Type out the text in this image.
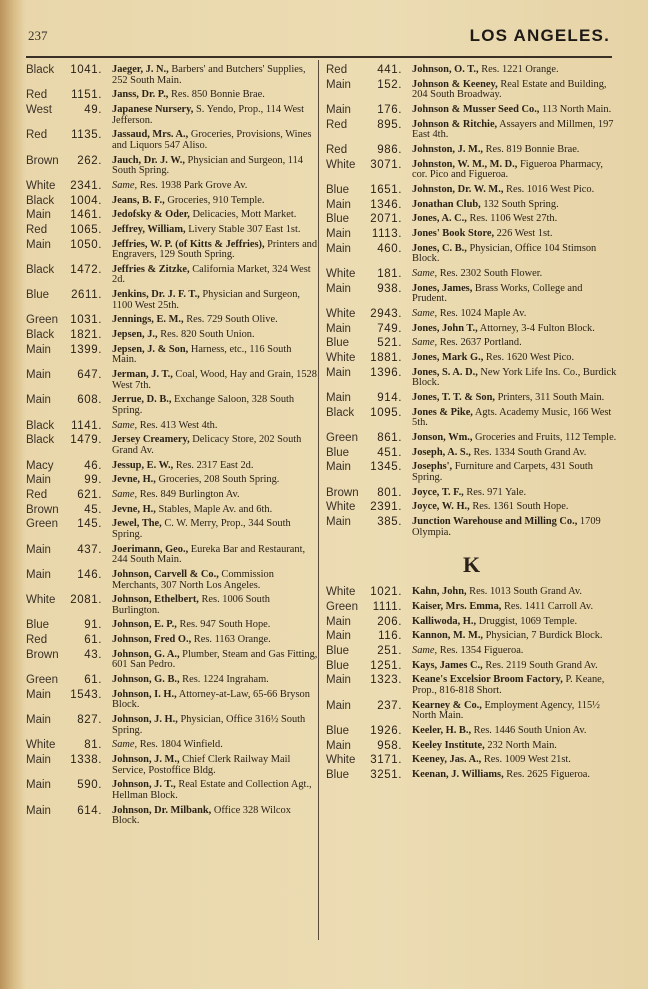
237	LOS ANGELES.
Black	1041. Jaeger, J. N., Barbers' and Butchers' Supplies, 252 South Main.
Red	1151. Janss, Dr. P., Res. 850 Bonnie Brae.
West	49. Japanese Nursery, S. Yendo, Prop., 114 West Jefferson.
Red	1135. Jassaud, Mrs. A., Groceries, Provisions, Wines and Liquors 547 Aliso.
Brown	262. Jauch, Dr. J. W., Physician and Surgeon, 114 South Spring.
White	2341. Same, Res. 1938 Park Grove Av.
Black	1004. Jeans, B. F., Groceries, 910 Temple.
Main	1461. Jedofsky & Oder, Delicacies, Mott Market.
Red	1065. Jeffrey, William, Livery Stable 307 East 1st.
Main	1050. Jeffries, W. P. (of Kitts & Jeffries), Printers and Engravers, 129 South Spring.
Black	1472. Jeffries & Zitzke, California Market, 324 West 2d.
Blue	2611. Jenkins, Dr. J. F. T., Physician and Surgeon, 1100 West 25th.
Green	1031. Jennings, E. M., Res. 729 South Olive.
Black	1821. Jepsen, J., Res. 820 South Union.
Main	1399. Jepsen, J. & Son, Harness, etc., 116 South Main.
Main	647. Jerman, J. T., Coal, Wood, Hay and Grain, 1528 West 7th.
Main	608. Jerrue, D. B., Exchange Saloon, 328 South Spring.
Black	1141. Same, Res. 413 West 4th.
Black	1479. Jersey Creamery, Delicacy Store, 202 South Grand Av.
Macy	46. Jessup, E. W., Res. 2317 East 2d.
Main	99. Jevne, H., Groceries, 208 South Spring.
Red	621. Same, Res. 849 Burlington Av.
Brown	45. Jevne, H., Stables, Maple Av. and 6th.
Green	145. Jewel, The, C. W. Merry, Prop., 344 South Spring.
Main	437. Joerimann, Geo., Eureka Bar and Restaurant, 244 South Main.
Main	146. Johnson, Carvell & Co., Commission Merchants, 307 North Los Angeles.
White	2081. Johnson, Ethelbert, Res. 1006 South Burlington.
Blue	91. Johnson, E. P., Res. 947 South Hope.
Red	61. Johnson, Fred O., Res. 1163 Orange.
Brown	43. Johnson, G. A., Plumber, Steam and Gas Fitting, 601 San Pedro.
Green	61. Johnson, G. B., Res. 1224 Ingraham.
Main	1543. Johnson, I. H., Attorney-at-Law, 65-66 Bryson Block.
Main	827. Johnson, J. H., Physician, Office 316½ South Spring.
White	81. Same, Res. 1804 Winfield.
Main	1338. Johnson, J. M., Chief Clerk Railway Mail Service, Postoffice Bldg.
Main	590. Johnson, J. T., Real Estate and Collection Agt., Hellman Block.
Main	614. Johnson, Dr. Milbank, Office 328 Wilcox Block.
Red	441. Johnson, O. T., Res. 1221 Orange.
Main	152. Johnson & Keeney, Real Estate and Building, 204 South Broadway.
Main	176. Johnson & Musser Seed Co., 113 North Main.
Red	895. Johnson & Ritchie, Assayers and Millmen, 197 East 4th.
Red	986. Johnston, J. M., Res. 819 Bonnie Brae.
White	3071. Johnston, W. M., M. D., Figueroa Pharmacy, cor. Pico and Figueroa.
Blue	1651. Johnston, Dr. W. M., Res. 1016 West Pico.
Main	1346. Jonathan Club, 132 South Spring.
Blue	2071. Jones, A. C., Res. 1106 West 27th.
Main	1113. Jones' Book Store, 226 West 1st.
Main	460. Jones, C. B., Physician, Office 104 Stimson Block.
White	181. Same, Res. 2302 South Flower.
Main	938. Jones, James, Brass Works, College and Prudent.
White	2943. Same, Res. 1024 Maple Av.
Main	749. Jones, John T., Attorney, 3-4 Fulton Block.
Blue	521. Same, Res. 2637 Portland.
White	1881. Jones, Mark G., Res. 1620 West Pico.
Main	1396. Jones, S. A. D., New York Life Ins. Co., Burdick Block.
Main	914. Jones, T. T. & Son, Printers, 311 South Main.
Black	1095. Jones & Pike, Agts. Academy Music, 166 West 5th.
Green	861. Jonson, Wm., Groceries and Fruits, 112 Temple.
Blue	451. Joseph, A. S., Res. 1334 South Grand Av.
Main	1345. Josephs', Furniture and Carpets, 431 South Spring.
Brown	801. Joyce, T. F., Res. 971 Yale.
White	2391. Joyce, W. H., Res. 1361 South Hope.
Main	385. Junction Warehouse and Milling Co., 1709 Olympia.
K
White	1021. Kahn, John, Res. 1013 South Grand Av.
Green	1111. Kaiser, Mrs. Emma, Res. 1411 Carroll Av.
Main	206. Kalliwoda, H., Druggist, 1069 Temple.
Main	116. Kannon, M. M., Physician, 7 Burdick Block.
Blue	251. Same, Res. 1354 Figueroa.
Blue	1251. Kays, James C., Res. 2119 South Grand Av.
Main	1323. Keane's Excelsior Broom Factory, P. Keane, Prop., 816-818 Short.
Main	237. Kearney & Co., Employment Agency, 115½ North Main.
Blue	1926. Keeler, H. B., Res. 1446 South Union Av.
Main	958. Keeley Institute, 232 North Main.
White	3171. Keeney, Jas. A., Res. 1009 West 21st.
Blue	3251. Keenan, J. Williams, Res. 2625 Figueroa.
